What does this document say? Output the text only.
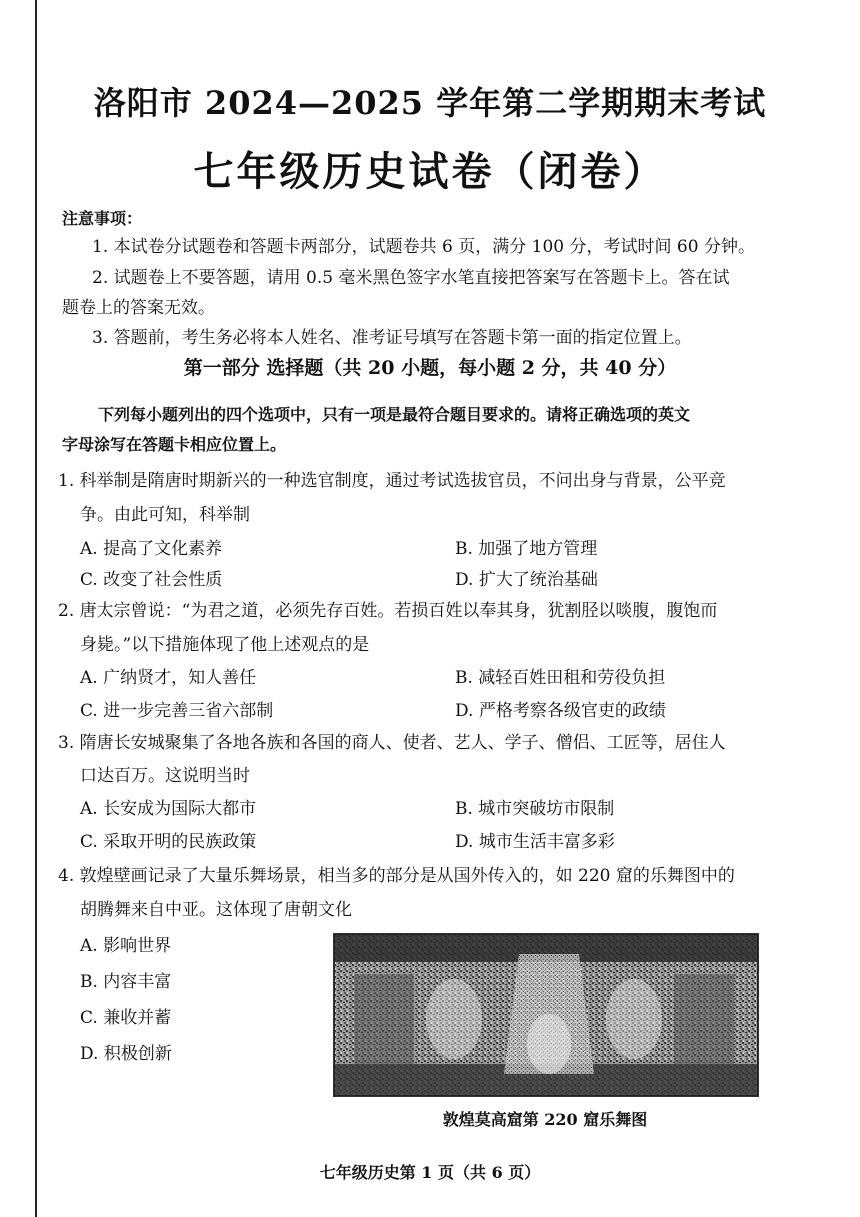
洛阳市 2024—2025 学年第二学期期末考试
七年级历史试卷（闭卷）
注意事项：
1. 本试卷分试题卷和答题卡两部分，试题卷共 6 页，满分 100 分，考试时间 60 分钟。
2. 试题卷上不要答题，请用 0.5 毫米黑色签字水笔直接把答案写在答题卡上。答在试
题卷上的答案无效。
3. 答题前，考生务必将本人姓名、准考证号填写在答题卡第一面的指定位置上。
第一部分 选择题（共 20 小题，每小题 2 分，共 40 分）
下列每小题列出的四个选项中，只有一项是最符合题目要求的。请将正确选项的英文
字母涂写在答题卡相应位置上。
1. 科举制是隋唐时期新兴的一种选官制度，通过考试选拔官员，不问出身与背景，公平竞
争。由此可知，科举制
A. 提高了文化素养	B. 加强了地方管理
C. 改变了社会性质	D. 扩大了统治基础
2. 唐太宗曾说：“为君之道，必须先存百姓。若损百姓以奉其身，犹割胫以啖腹，腹饱而
身毙。”以下措施体现了他上述观点的是
A. 广纳贤才，知人善任	B. 减轻百姓田租和劳役负担
C. 进一步完善三省六部制	D. 严格考察各级官吏的政绩
3. 隋唐长安城聚集了各地各族和各国的商人、使者、艺人、学子、僧侣、工匠等，居住人
口达百万。这说明当时
A. 长安成为国际大都市	B. 城市突破坊市限制
C. 采取开明的民族政策	D. 城市生活丰富多彩
4. 敦煌壁画记录了大量乐舞场景，相当多的部分是从国外传入的，如 220 窟的乐舞图中的
胡腾舞来自中亚。这体现了唐朝文化
A. 影响世界
B. 内容丰富
C. 兼收并蓄
D. 积极创新
敦煌莫高窟第 220 窟乐舞图
七年级历史第 1 页（共 6 页）
